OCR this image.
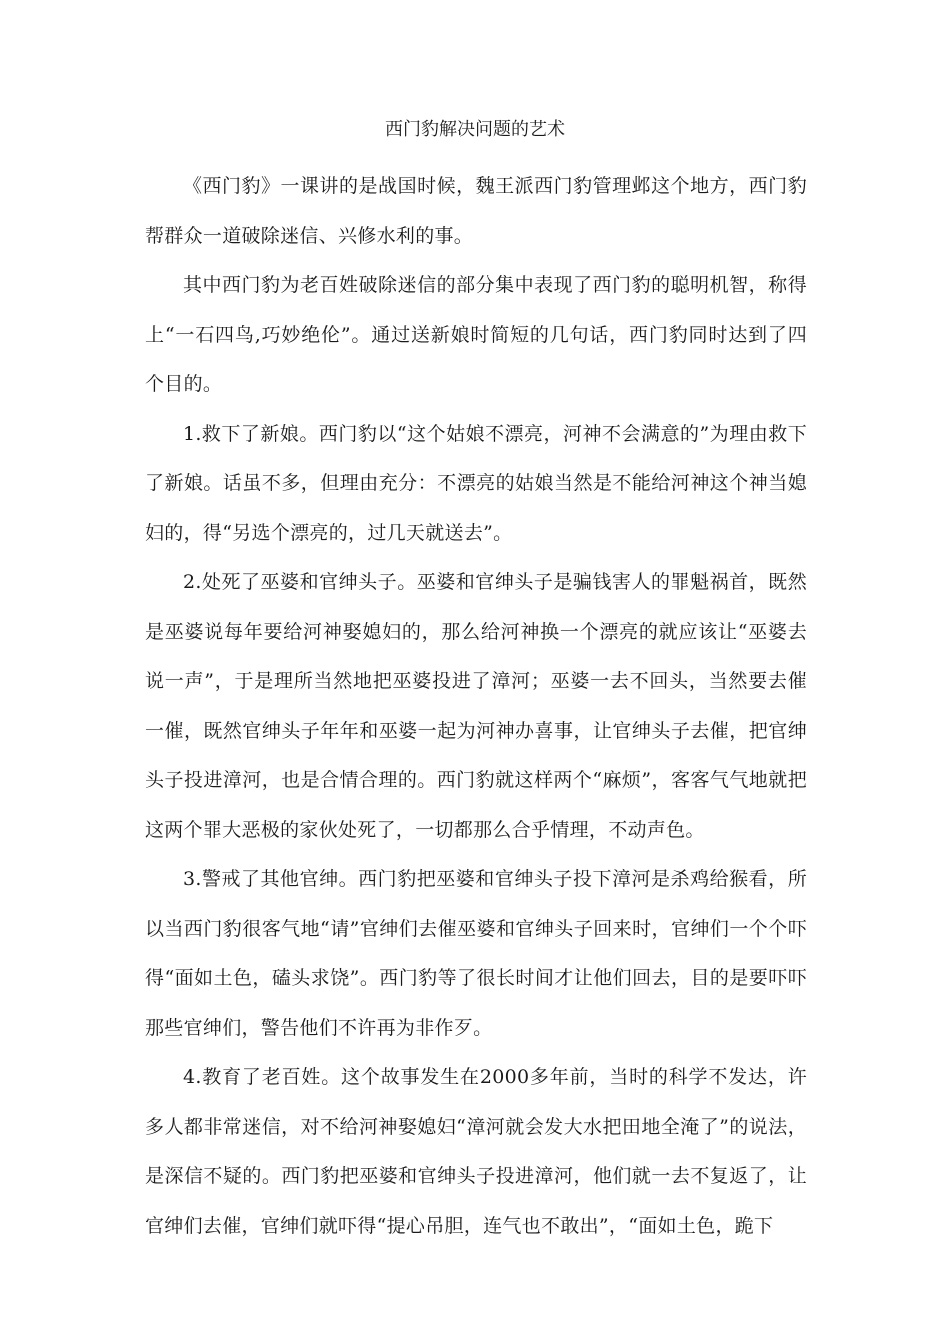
西门豹解决问题的艺术

《西门豹》一课讲的是战国时候，魏王派西门豹管理邺这个地方，西门豹帮群众一道破除迷信、兴修水利的事。

其中西门豹为老百姓破除迷信的部分集中表现了西门豹的聪明机智，称得上“一石四鸟,巧妙绝伦”。通过送新娘时简短的几句话，西门豹同时达到了四个目的。

1.救下了新娘。西门豹以“这个姑娘不漂亮，河神不会满意的”为理由救下了新娘。话虽不多，但理由充分：不漂亮的姑娘当然是不能给河神这个神当媳妇的，得“另选个漂亮的，过几天就送去”。

2.处死了巫婆和官绅头子。巫婆和官绅头子是骗钱害人的罪魁祸首，既然是巫婆说每年要给河神娶媳妇的，那么给河神换一个漂亮的就应该让“巫婆去说一声”，于是理所当然地把巫婆投进了漳河；巫婆一去不回头，当然要去催一催，既然官绅头子年年和巫婆一起为河神办喜事，让官绅头子去催，把官绅头子投进漳河，也是合情合理的。西门豹就这样两个“麻烦”，客客气气地就把这两个罪大恶极的家伙处死了，一切都那么合乎情理，不动声色。

3.警戒了其他官绅。西门豹把巫婆和官绅头子投下漳河是杀鸡给猴看，所以当西门豹很客气地“请”官绅们去催巫婆和官绅头子回来时，官绅们一个个吓得“面如土色，磕头求饶”。西门豹等了很长时间才让他们回去，目的是要吓吓那些官绅们，警告他们不许再为非作歹。

4.教育了老百姓。这个故事发生在2000多年前，当时的科学不发达，许多人都非常迷信，对不给河神娶媳妇“漳河就会发大水把田地全淹了”的说法，是深信不疑的。西门豹把巫婆和官绅头子投进漳河，他们就一去不复返了，让官绅们去催，官绅们就吓得“提心吊胆，连气也不敢出”，“面如土色，跪下
